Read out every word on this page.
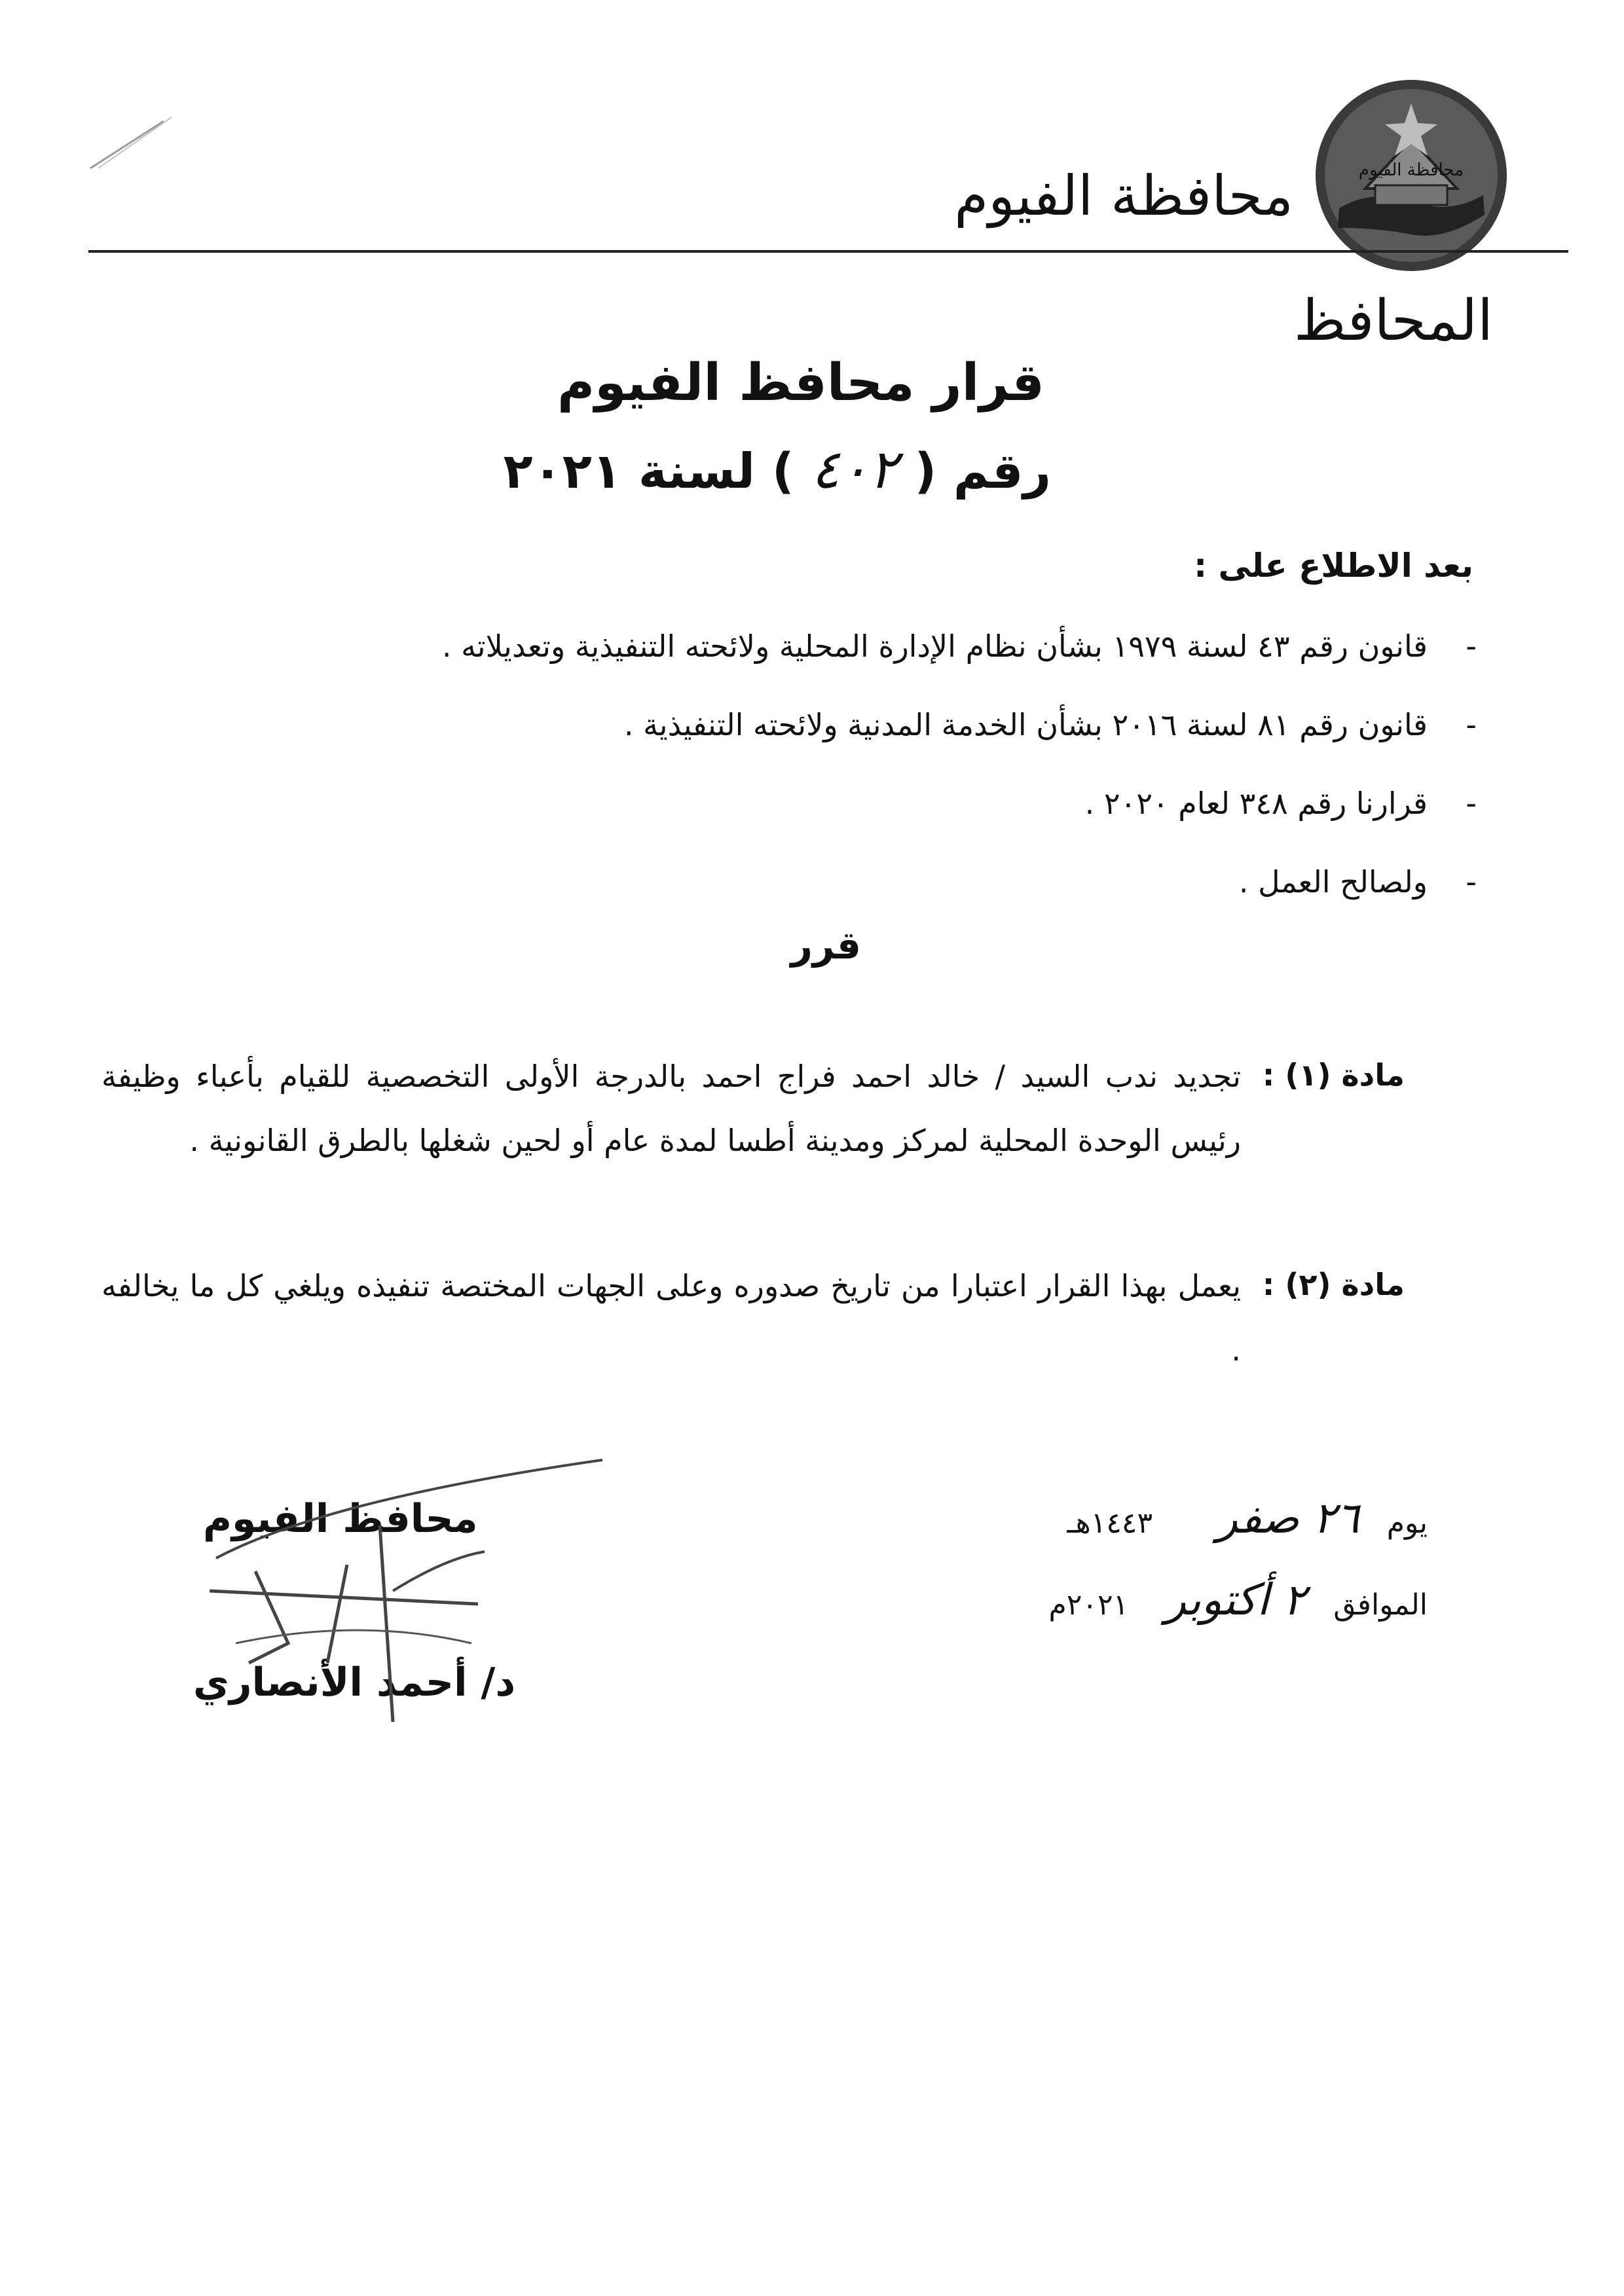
محافظة الفيوم
محافظة الفيوم
المحافظ
قرار محافظ الفيوم
رقم ( ٤٠٢ ) لسنة ٢٠٢١
بعد الاطلاع على :
-
قانون رقم ٤٣ لسنة ١٩٧٩ بشأن نظام الإدارة المحلية ولائحته التنفيذية وتعديلاته .
-
قانون رقم ٨١ لسنة ٢٠١٦ بشأن الخدمة المدنية ولائحته التنفيذية .
-
قرارنا رقم ٣٤٨ لعام ٢٠٢٠ .
-
ولصالح العمل .
قرر
مادة (١) :
تجديد ندب السيد / خالد احمد فراج احمد بالدرجة الأولى التخصصية للقيام بأعباء وظيفة رئيس الوحدة المحلية لمركز ومدينة أطسا لمدة عام أو لحين شغلها بالطرق القانونية .
مادة (٢) :
يعمل بهذا القرار اعتبارا من تاريخ صدوره وعلى الجهات المختصة تنفيذه ويلغي كل ما يخالفه .
يوم   ٢٦ صفر       ١٤٤٣هـ
الموافق   ٢ أكتوبر    ٢٠٢١م
محافظ الفيوم
د/ أحمد الأنصاري
